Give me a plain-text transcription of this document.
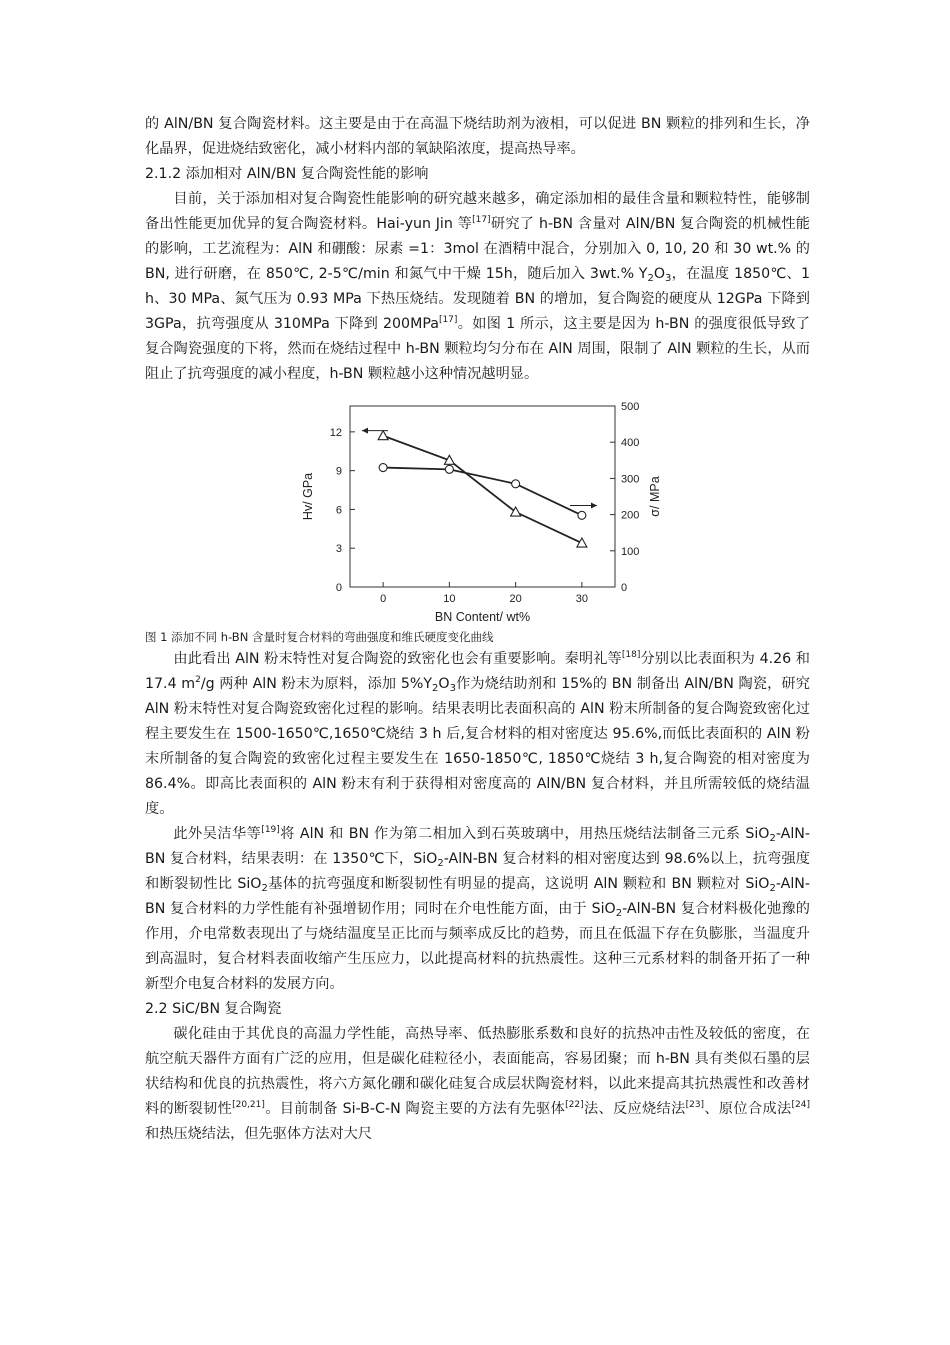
的 AlN/BN 复合陶瓷材料。这主要是由于在高温下烧结助剂为液相，可以促进 BN 颗粒的排列和生长，净化晶界，促进烧结致密化，减小材料内部的氧缺陷浓度，提高热导率。

2.1.2 添加相对 AlN/BN 复合陶瓷性能的影响

目前，关于添加相对复合陶瓷性能影响的研究越来越多，确定添加相的最佳含量和颗粒特性，能够制备出性能更加优异的复合陶瓷材料。Hai-yun Jin 等[17]研究了 h-BN 含量对 AlN/BN 复合陶瓷的机械性能的影响，工艺流程为：AlN 和硼酸：尿素 =1：3mol 在酒精中混合，分别加入 0, 10, 20 和 30 wt.% 的 BN, 进行研磨，在 850℃, 2-5℃/min 和氮气中干燥 15h，随后加入 3wt.% $Y_2O_3$，在温度 1850℃、1 h、30 MPa、氮气压为 0.93 MPa 下热压烧结。发现随着 BN 的增加，复合陶瓷的硬度从 12GPa 下降到 3GPa，抗弯强度从 310MPa 下降到 200MPa[17]。如图 1 所示，这主要是因为 h-BN 的强度很低导致了复合陶瓷强度的下将，然而在烧结过程中 h-BN 颗粒均匀分布在 AlN 周围，限制了 AlN 颗粒的生长，从而阻止了抗弯强度的减小程度，h-BN 颗粒越小这种情况越明显。

0
3
6
9
12
0
100
200
300
400
500
0	10	20	30
BN Content/ wt%
Hv/ GPa	σ/ MPa

图 1 添加不同 h-BN 含量时复合材料的弯曲强度和维氏硬度变化曲线

由此看出 AlN 粉末特性对复合陶瓷的致密化也会有重要影响。秦明礼等[18]分别以比表面积为 4.26 和 17.4 $m^2/g$ 两种 AlN 粉末为原料，添加 $5\%Y_2O_3$作为烧结助剂和 15%的 BN 制备出 AlN/BN 陶瓷，研究 AlN 粉末特性对复合陶瓷致密化过程的影响。结果表明比表面积高的 AlN 粉末所制备的复合陶瓷致密化过程主要发生在 1500-1650℃,1650℃烧结 3 h 后,复合材料的相对密度达 95.6%,而低比表面积的 AlN 粉末所制备的复合陶瓷的致密化过程主要发生在 1650-1850℃, 1850℃烧结 3 h,复合陶瓷的相对密度为 86.4%。即高比表面积的 AlN 粉末有利于获得相对密度高的 AlN/BN 复合材料，并且所需较低的烧结温度。

此外吴洁华等[19]将 AlN 和 BN 作为第二相加入到石英玻璃中，用热压烧结法制备三元系 SiO$_2$-AlN-BN 复合材料，结果表明：在 1350℃下，SiO$_2$-AlN-BN 复合材料的相对密度达到 98.6%以上，抗弯强度和断裂韧性比 SiO$_2$基体的抗弯强度和断裂韧性有明显的提高，这说明 AlN 颗粒和 BN 颗粒对 SiO$_2$-AlN-BN 复合材料的力学性能有补强增韧作用；同时在介电性能方面，由于 SiO$_2$-AlN-BN 复合材料极化弛豫的作用，介电常数表现出了与烧结温度呈正比而与频率成反比的趋势，而且在低温下存在负膨胀，当温度升到高温时，复合材料表面收缩产生压应力，以此提高材料的抗热震性。这种三元系材料的制备开拓了一种新型介电复合材料的发展方向。

2.2 SiC/BN 复合陶瓷

碳化硅由于其优良的高温力学性能，高热导率、低热膨胀系数和良好的抗热冲击性及较低的密度，在航空航天器件方面有广泛的应用，但是碳化硅粒径小，表面能高，容易团聚；而 h-BN 具有类似石墨的层状结构和优良的抗热震性，将六方氮化硼和碳化硅复合成层状陶瓷材料，以此来提高其抗热震性和改善材料的断裂韧性[20,21]。目前制备 Si-B-C-N 陶瓷主要的方法有先驱体[22]法、反应烧结法[23]、原位合成法[24]和热压烧结法，但先驱体方法对大尺
